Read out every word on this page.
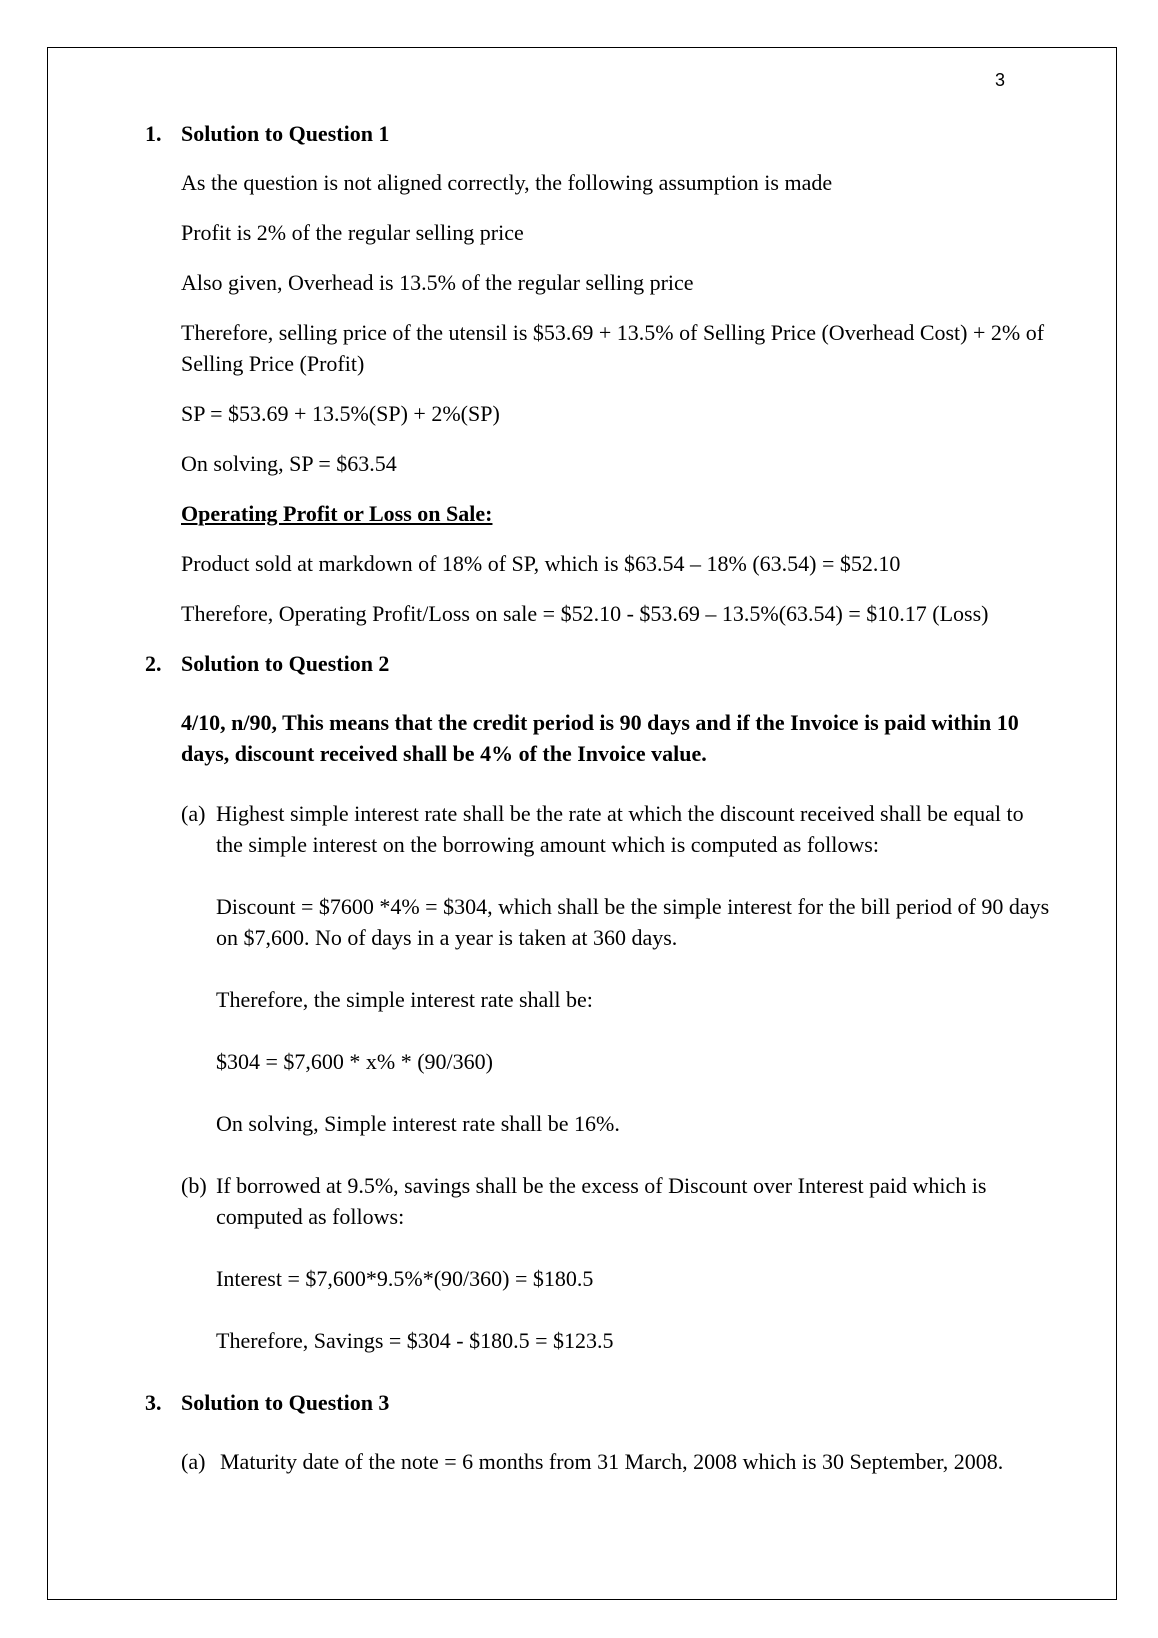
3
1. Solution to Question 1

As the question is not aligned correctly, the following assumption is made

Profit is 2% of the regular selling price

Also given, Overhead is 13.5% of the regular selling price

Therefore, selling price of the utensil is $53.69 + 13.5% of Selling Price (Overhead Cost) + 2% of Selling Price (Profit)

SP = $53.69 + 13.5%(SP) + 2%(SP)

On solving, SP = $63.54

Operating Profit or Loss on Sale:

Product sold at markdown of 18% of SP, which is $63.54 – 18% (63.54) = $52.10

Therefore, Operating Profit/Loss on sale = $52.10 - $53.69 – 13.5%(63.54) = $10.17 (Loss)

2. Solution to Question 2

4/10, n/90, This means that the credit period is 90 days and if the Invoice is paid within 10 days, discount received shall be 4% of the Invoice value.

(a) Highest simple interest rate shall be the rate at which the discount received shall be equal to the simple interest on the borrowing amount which is computed as follows:

Discount = $7600 *4% = $304, which shall be the simple interest for the bill period of 90 days on $7,600. No of days in a year is taken at 360 days.

Therefore, the simple interest rate shall be:

$304 = $7,600 * x% * (90/360)

On solving, Simple interest rate shall be 16%.

(b) If borrowed at 9.5%, savings shall be the excess of Discount over Interest paid which is computed as follows:

Interest = $7,600*9.5%*(90/360) = $180.5

Therefore, Savings = $304 - $180.5 = $123.5

3. Solution to Question 3
(a) Maturity date of the note = 6 months from 31 March, 2008 which is 30 September, 2008.
